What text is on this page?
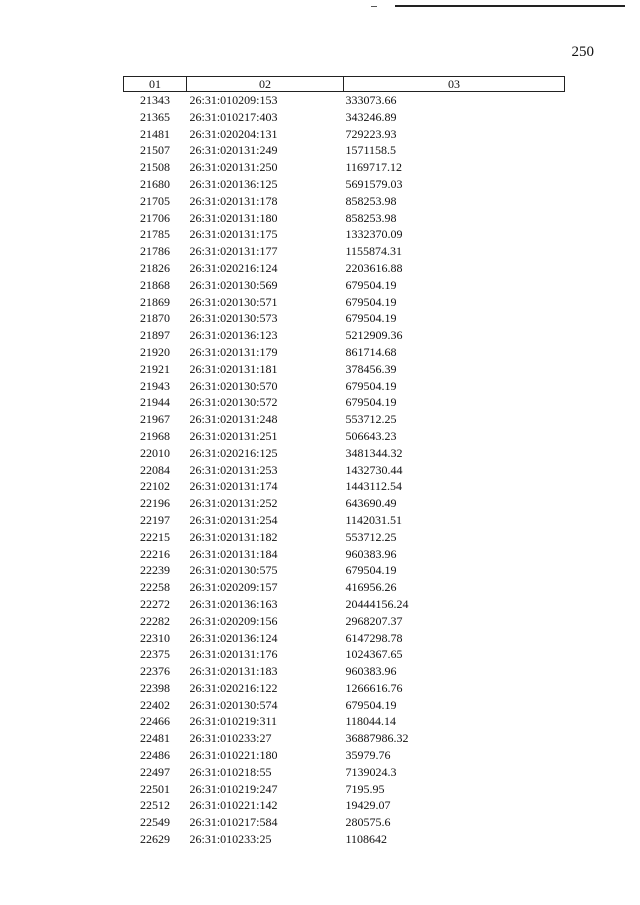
250
01	02	03
21343	26:31:010209:153	333073.66
21365	26:31:010217:403	343246.89
21481	26:31:020204:131	729223.93
21507	26:31:020131:249	1571158.5
21508	26:31:020131:250	1169717.12
21680	26:31:020136:125	5691579.03
21705	26:31:020131:178	858253.98
21706	26:31:020131:180	858253.98
21785	26:31:020131:175	1332370.09
21786	26:31:020131:177	1155874.31
21826	26:31:020216:124	2203616.88
21868	26:31:020130:569	679504.19
21869	26:31:020130:571	679504.19
21870	26:31:020130:573	679504.19
21897	26:31:020136:123	5212909.36
21920	26:31:020131:179	861714.68
21921	26:31:020131:181	378456.39
21943	26:31:020130:570	679504.19
21944	26:31:020130:572	679504.19
21967	26:31:020131:248	553712.25
21968	26:31:020131:251	506643.23
22010	26:31:020216:125	3481344.32
22084	26:31:020131:253	1432730.44
22102	26:31:020131:174	1443112.54
22196	26:31:020131:252	643690.49
22197	26:31:020131:254	1142031.51
22215	26:31:020131:182	553712.25
22216	26:31:020131:184	960383.96
22239	26:31:020130:575	679504.19
22258	26:31:020209:157	416956.26
22272	26:31:020136:163	20444156.24
22282	26:31:020209:156	2968207.37
22310	26:31:020136:124	6147298.78
22375	26:31:020131:176	1024367.65
22376	26:31:020131:183	960383.96
22398	26:31:020216:122	1266616.76
22402	26:31:020130:574	679504.19
22466	26:31:010219:311	118044.14
22481	26:31:010233:27	36887986.32
22486	26:31:010221:180	35979.76
22497	26:31:010218:55	7139024.3
22501	26:31:010219:247	7195.95
22512	26:31:010221:142	19429.07
22549	26:31:010217:584	280575.6
22629	26:31:010233:25	1108642
